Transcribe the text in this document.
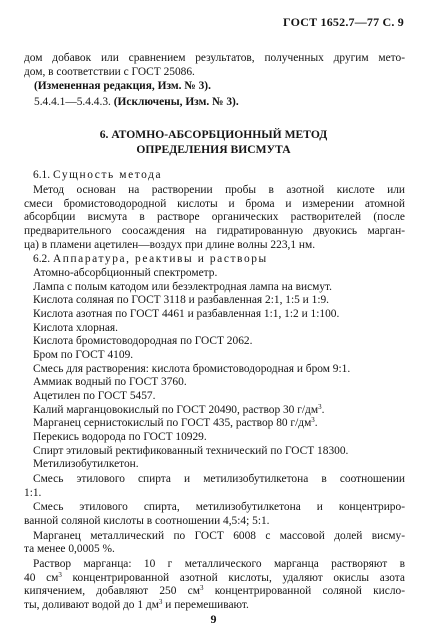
ГОСТ 1652.7—77 С. 9
дом добавок или сравнением результатов, полученных другим мето-
дом, в соответствии с ГОСТ 25086.
(Измененная редакция, Изм. № 3).
5.4.4.1—5.4.4.3. (Исключены, Изм. № 3).
6. АТОМНО-АБСОРБЦИОННЫЙ МЕТОД
ОПРЕДЕЛЕНИЯ ВИСМУТА
6.1. Сущность метода
Метод основан на растворении пробы в азотной кислоте или
смеси бромистоводородной кислоты и брома и измерении атомной
абсорбции висмута в растворе органических растворителей (после
предварительного соосаждения на гидратированную двуокись марган-
ца) в пламени ацетилен—воздух при длине волны 223,1 нм.
6.2. Аппаратура, реактивы и растворы
Атомно-абсорбционный спектрометр.
Лампа с полым катодом или безэлектродная лампа на висмут.
Кислота соляная по ГОСТ 3118 и разбавленная 2:1, 1:5 и 1:9.
Кислота азотная по ГОСТ 4461 и разбавленная 1:1, 1:2 и 1:100.
Кислота хлорная.
Кислота бромистоводородная по ГОСТ 2062.
Бром по ГОСТ 4109.
Смесь для растворения: кислота бромистоводородная и бром 9:1.
Аммиак водный по ГОСТ 3760.
Ацетилен по ГОСТ 5457.
Калий марганцовокислый по ГОСТ 20490, раствор 30 $г/дм^3$.
Марганец сернистокислый по ГОСТ 435, раствор 80 $г/дм^3$.
Перекись водорода по ГОСТ 10929.
Спирт этиловый ректификованный технический по ГОСТ 18300.
Метилизобутилкетон.
Смесь этилового спирта и метилизобутилкетона в соотношении
1:1.
Смесь этилового спирта, метилизобутилкетона и концентриро-
ванной соляной кислоты в соотношении 4,5:4; 5:1.
Марганец металлический по ГОСТ 6008 с массовой долей висму-
та менее 0,0005 %.
Раствор марганца: 10 г металлического марганца растворяют в
40 $см^3$ концентрированной азотной кислоты, удаляют окислы азота
кипячением, добавляют 250 $см^3$ концентрированной соляной кисло-
ты, доливают водой до 1 $дм^3$ и перемешивают.
9
